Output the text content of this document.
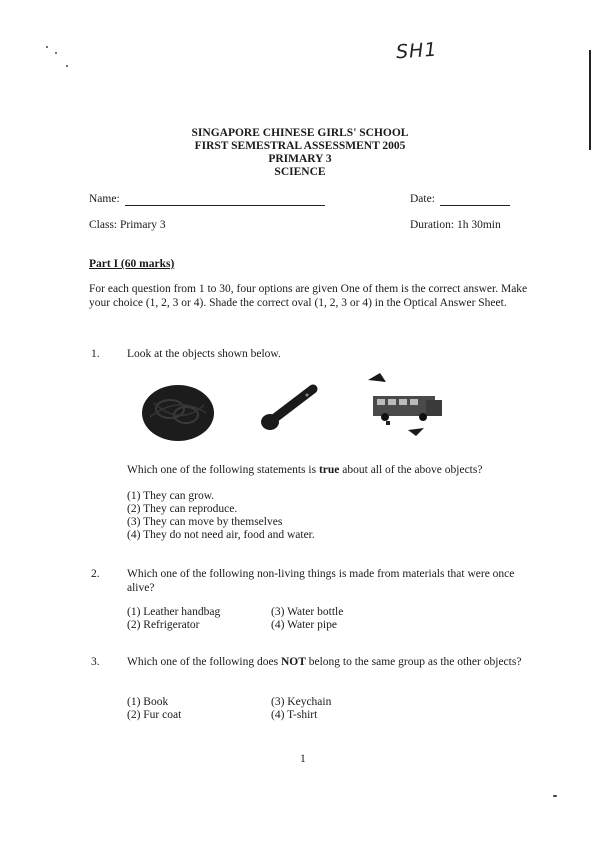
SH1
SINGAPORE CHINESE GIRLS' SCHOOL
FIRST SEMESTRAL ASSESSMENT 2005
PRIMARY 3
SCIENCE
Name:	Date:
Class: Primary 3	Duration: 1h 30min
Part I (60 marks)
For each question from 1 to 30, four options are given One of them is the correct answer. Make your choice (1, 2, 3 or 4). Shade the correct oval (1, 2, 3 or 4) in the Optical Answer Sheet.
1. Look at the objects shown below.
Which one of the following statements is true about all of the above objects?
(1) They can grow.
(2) They can reproduce.
(3) They can move by themselves
(4) They do not need air, food and water.
2. Which one of the following non-living things is made from materials that were once alive?
(1) Leather handbag
(2) Refrigerator
(3) Water bottle
(4) Water pipe
3. Which one of the following does NOT belong to the same group as the other objects?
(1) Book
(2) Fur coat
(3) Keychain
(4) T-shirt
1
